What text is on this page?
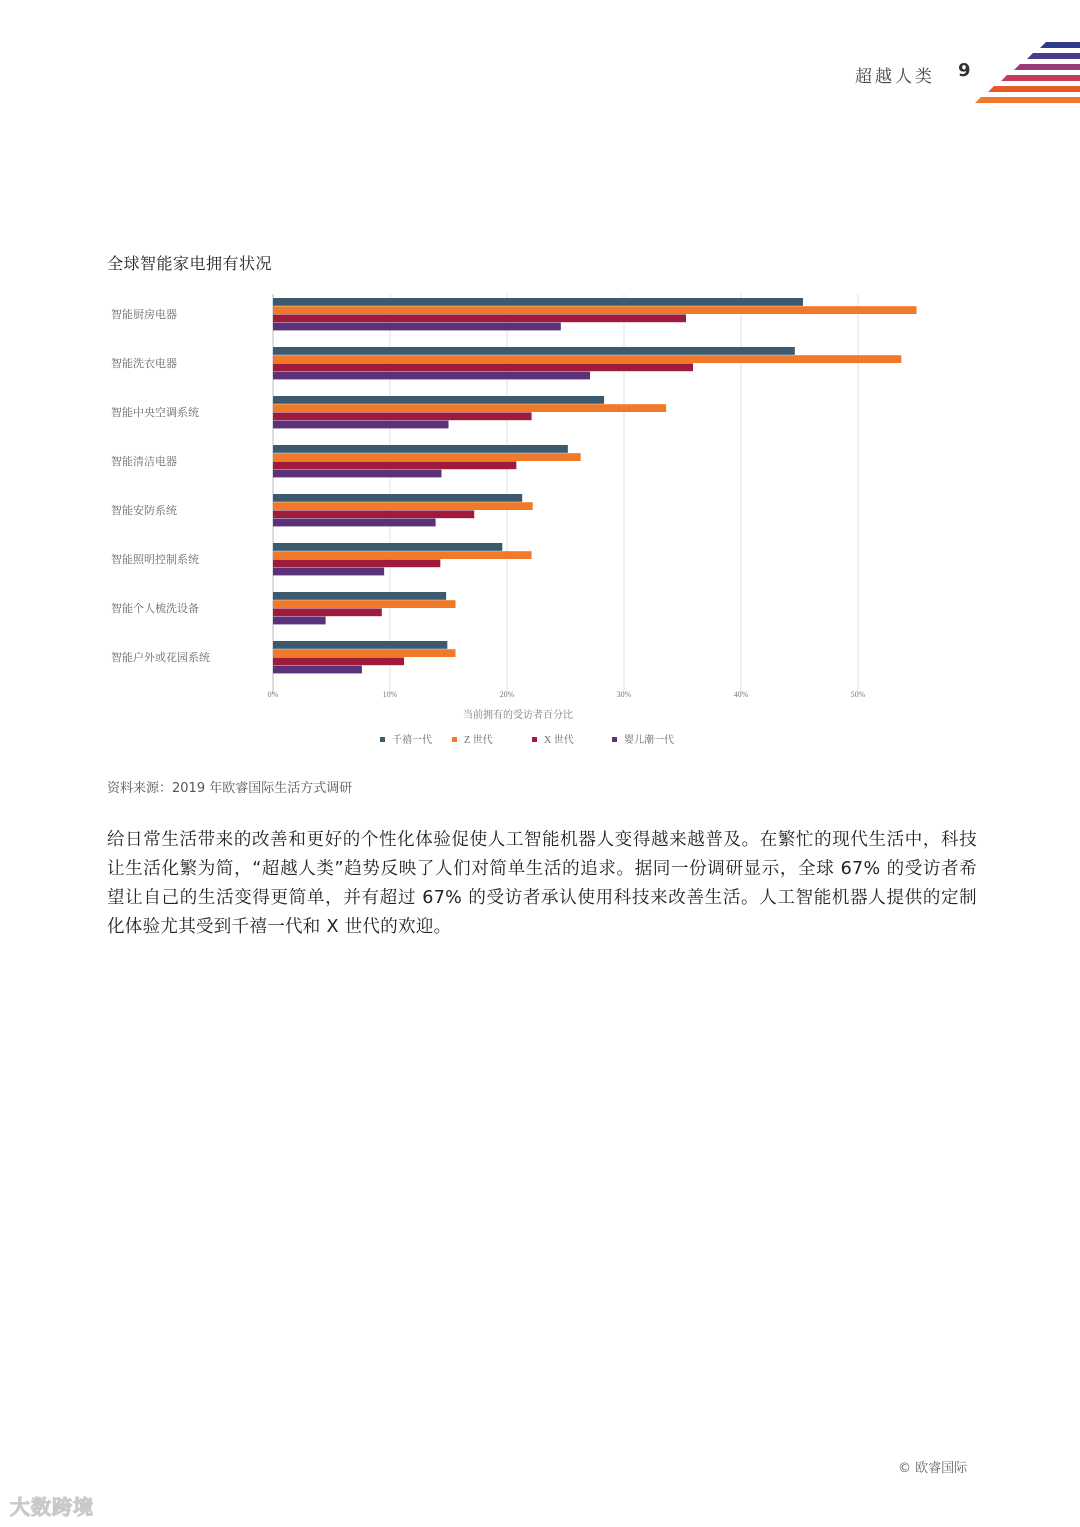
超越人类 9
全球智能家电拥有状况
0%	10%	20%	30%	40%	50%
智能厨房电器
智能洗衣电器
智能中央空调系统
智能清洁电器
智能安防系统
智能照明控制系统
智能个人梳洗设备
智能户外或花园系统
当前拥有的受访者百分比
千禧一代	Z 世代	X 世代	婴儿潮一代
资料来源：2019 年欧睿国际生活方式调研
给日常生活带来的改善和更好的个性化体验促使人工智能机器人变得越来越普及。在繁忙的现代生活中，科技让生活化繁为简，“超越人类”趋势反映了人们对简单生活的追求。据同一份调研显示，全球 67% 的受访者希望让自己的生活变得更简单，并有超过 67% 的受访者承认使用科技来改善生活。人工智能机器人提供的定制化体验尤其受到千禧一代和 X 世代的欢迎。
© 欧睿国际
大数跨境
